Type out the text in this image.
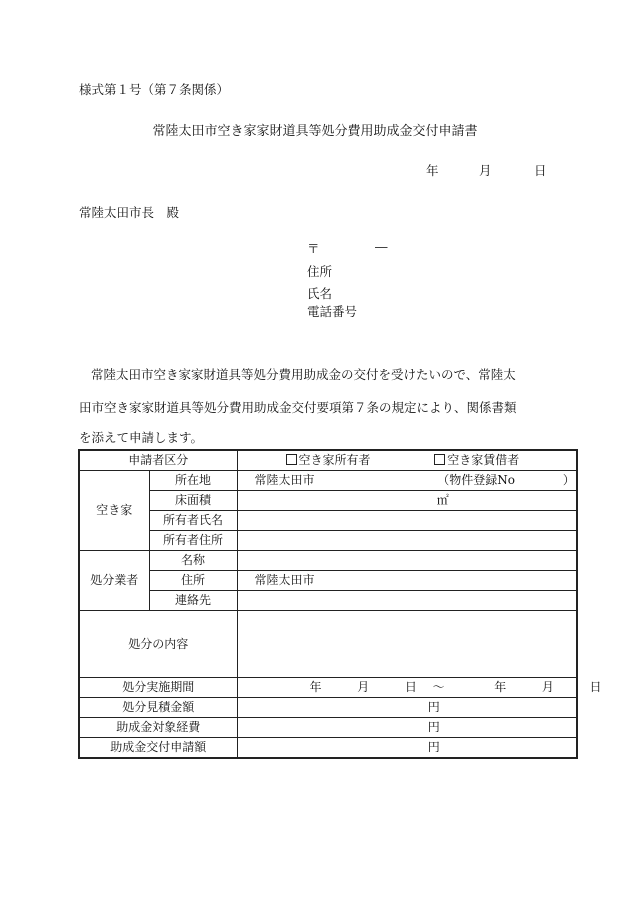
様式第１号（第７条関係）
常陸太田市空き家家財道具等処分費用助成金交付申請書
年	月	日
常陸太田市長　殿
〒	―
住所
氏名
電話番号
常陸太田市空き家家財道具等処分費用助成金の交付を受けたいので、常陸太
田市空き家家財道具等処分費用助成金交付要項第７条の規定により、関係書類
を添えて申請します。
申請者区分		空き家所有者 空き家賃借者
空き家	所在地	常陸太田市 （物件登録No　　　　）
	床面積	㎡
	所有者氏名	
	所有者住所	
処分業者	名称	
	住所	常陸太田市
	連絡先	
処分の内容		
処分実施期間		年 月 日 ～ 年 月 日
処分見積金額		円
助成金対象経費		円
助成金交付申請額		円
